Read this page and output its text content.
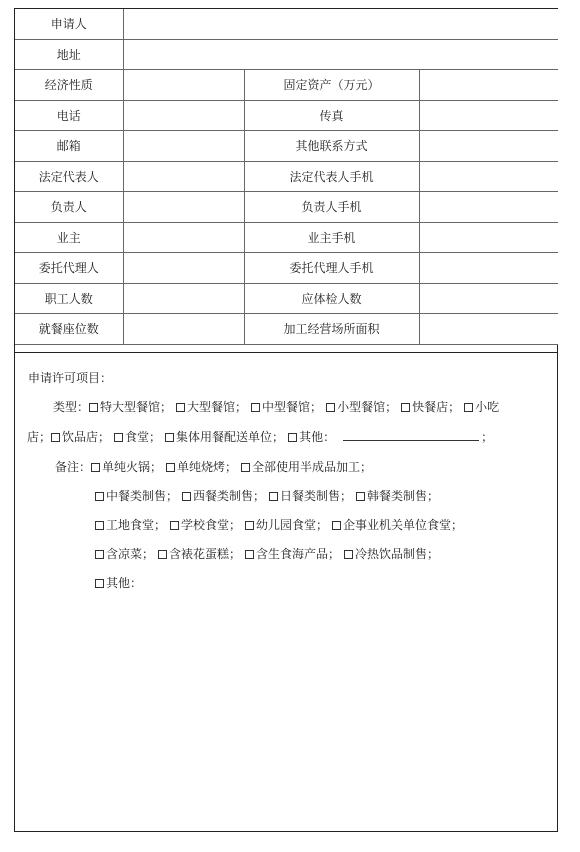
申请人			
地址			
经济性质		固定资产（万元）	
电话		传真	
邮箱		其他联系方式	
法定代表人		法定代表人手机	
负责人		负责人手机	
业主		业主手机	
委托代理人		委托代理人手机	
职工人数		应体检人数	
就餐座位数		加工经营场所面积	
申请许可项目：
类型： 特大型餐馆； 大型餐馆； 中型餐馆； 小型餐馆； 快餐店； 小吃
店； 饮品店； 食堂； 集体用餐配送单位； 其他：	；
备注： 单纯火锅； 单纯烧烤； 全部使用半成品加工；
中餐类制售； 西餐类制售； 日餐类制售； 韩餐类制售；
工地食堂； 学校食堂； 幼儿园食堂； 企事业机关单位食堂；
含凉菜； 含裱花蛋糕； 含生食海产品； 冷热饮品制售；
其他：
